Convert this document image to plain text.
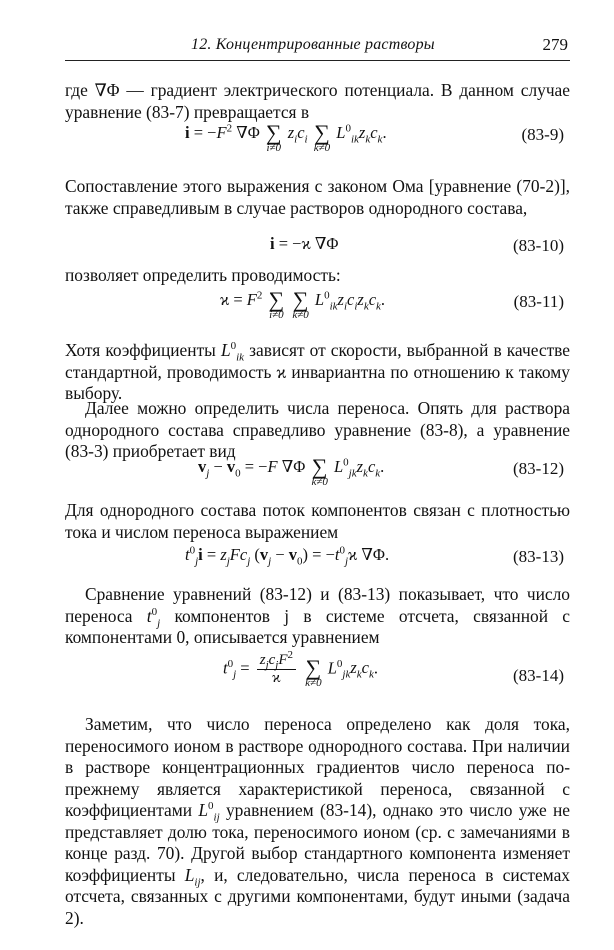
12. Концентрированные растворы	279

где ∇Φ — градиент электрического потенциала. В данном случае уравнение (83-7) превращается в

$i = -F^2$ ∇Φ ∑
i≠0
$z_ic_i$ ∑
k≠0
$L^0_{ik}z_kc_k$.	(83-9)

Сопоставление этого выражения с законом Ома [уравнение (70-2)], также справедливым в случае растворов однородного состава,

i = −ϰ ∇Φ	(83-10)

позволяет определить проводимость:

$ϰ = F^2$ ∑
i≠0

∑
k≠0
$L^0_{ik}z_ic_iz_kc_k$.	(83-11)

Хотя коэффициенты $L^0_{ik}$ зависят от скорости, выбранной в качестве стандартной, проводимость ϰ инвариантна по отношению к такому выбору.

Далее можно определить числа переноса. Опять для раствора однородного состава справедливо уравнение (83-8), а уравнение (83-3) приобретает вид

$v_j - v_0 = -F$ ∇Φ ∑
k≠0
$L^0_{jk}z_kc_k$.	(83-12)

Для однородного состава поток компонентов связан с плотностью тока и числом переноса выражением

$t^0_ji = z_jFc_j$ $(v_j - v_0) = -t^0_jϰ$ ∇Φ.	(83-13)

Сравнение уравнений (83-12) и (83-13) показывает, что число переноса $t^0_j$ компонентов j в системе отсчета, связанной с компонентами 0, описывается уравнением

$t^0_j = \frac{z_jc_jF^2}{ϰ}$
∑
k≠0
$L^0_{jk}z_kc_k$.	(83-14)

Заметим, что число переноса определено как доля тока, переносимого ионом в растворе однородного состава. При наличии в растворе концентрационных градиентов число переноса по-прежнему является характеристикой переноса, связанной с коэффициентами $L^0_{ij}$ уравнением (83-14), однако это число уже не представляет долю тока, переносимого ионом (ср. с замечаниями в конце разд. 70). Другой выбор стандартного компонента изменяет коэффициенты $L_{ij}$, и, следовательно, числа переноса в системах отсчета, связанных с другими компонентами, будут иными (задача 2).
